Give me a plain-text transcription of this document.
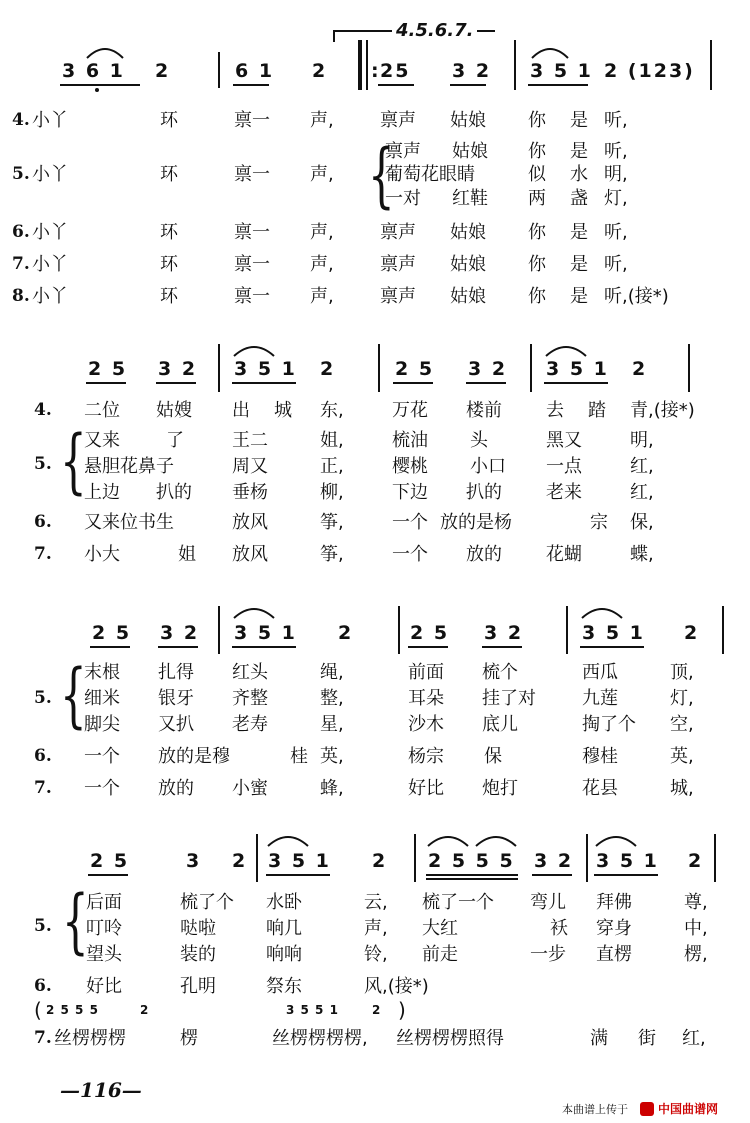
4.5.6.7.
3 6 1 2	6 1 2 : 25 3 2 3 5 1 2 (123)
4. 小丫	环	禀一 声,	禀声 姑娘 你 是 听,
{
5. 小丫	环	禀一 声,
禀声 姑娘 你 是 听,
葡萄花眼睛	似 水 明,
一对 红鞋 两 盏 灯,
6. 小丫	环	禀一 声,	禀声 姑娘 你 是 听,
7. 小丫	环	禀一 声,	禀声 姑娘 你 是 听,
8. 小丫	环	禀一 声,	禀声 姑娘 你 是 听,(接*)
2 5 3 2 3 5 1 2	2 5 3 2 3 5 1 2
4. 二位 姑嫂 出 城 东,	万花 楼前 去 踏 青,(接*)
{
5.
又来	了	王二	姐,	梳油 头	黑又	明,
悬胆花鼻子	周又	正,	樱桃 小口 一点	红,
上边 扒的 垂杨	柳,	下边 扒的 老来	红,
6. 又来位书生	放风	筝,	一个 放的是杨	宗 保,
7. 小大	姐 放风	筝,	一个 放的 花蝴	蝶,
2 5 3 2 3 5 1 2	2 5 3 2	3 5 1 2
{
5.
末根 扎得 红头	绳,	前面 梳个	西瓜	顶,
细米 银牙 齐整	整,	耳朵 挂了对	九莲	灯,
脚尖 又扒 老寿	星,	沙木 底儿	掏了个 空,
6. 一个 放的是穆	桂 英,	杨宗 保	穆桂	英,
7. 一个 放的 小蜜	蜂,	好比 炮打	花县	城,
2 5	3 2 3 5 1 2 2 5 5 5 3 2 3 5 1 2
{
5.
后面	梳了个 水卧	云, 梳了一个 弯儿 拜佛	尊,
叮呤	哒啦	响几	声, 大红	袄 穿身	中,
望头	装的	响响	铃, 前走	一步 直楞	楞,
6. 好比	孔明	祭东	风,(接*)
( 2 5 5 5	2	3 5 5 1	2 )
7. 丝楞楞楞	楞	丝楞楞楞楞, 丝楞楞楞照得	满 街 红,
—116—
本曲谱上传于	中国曲谱网
